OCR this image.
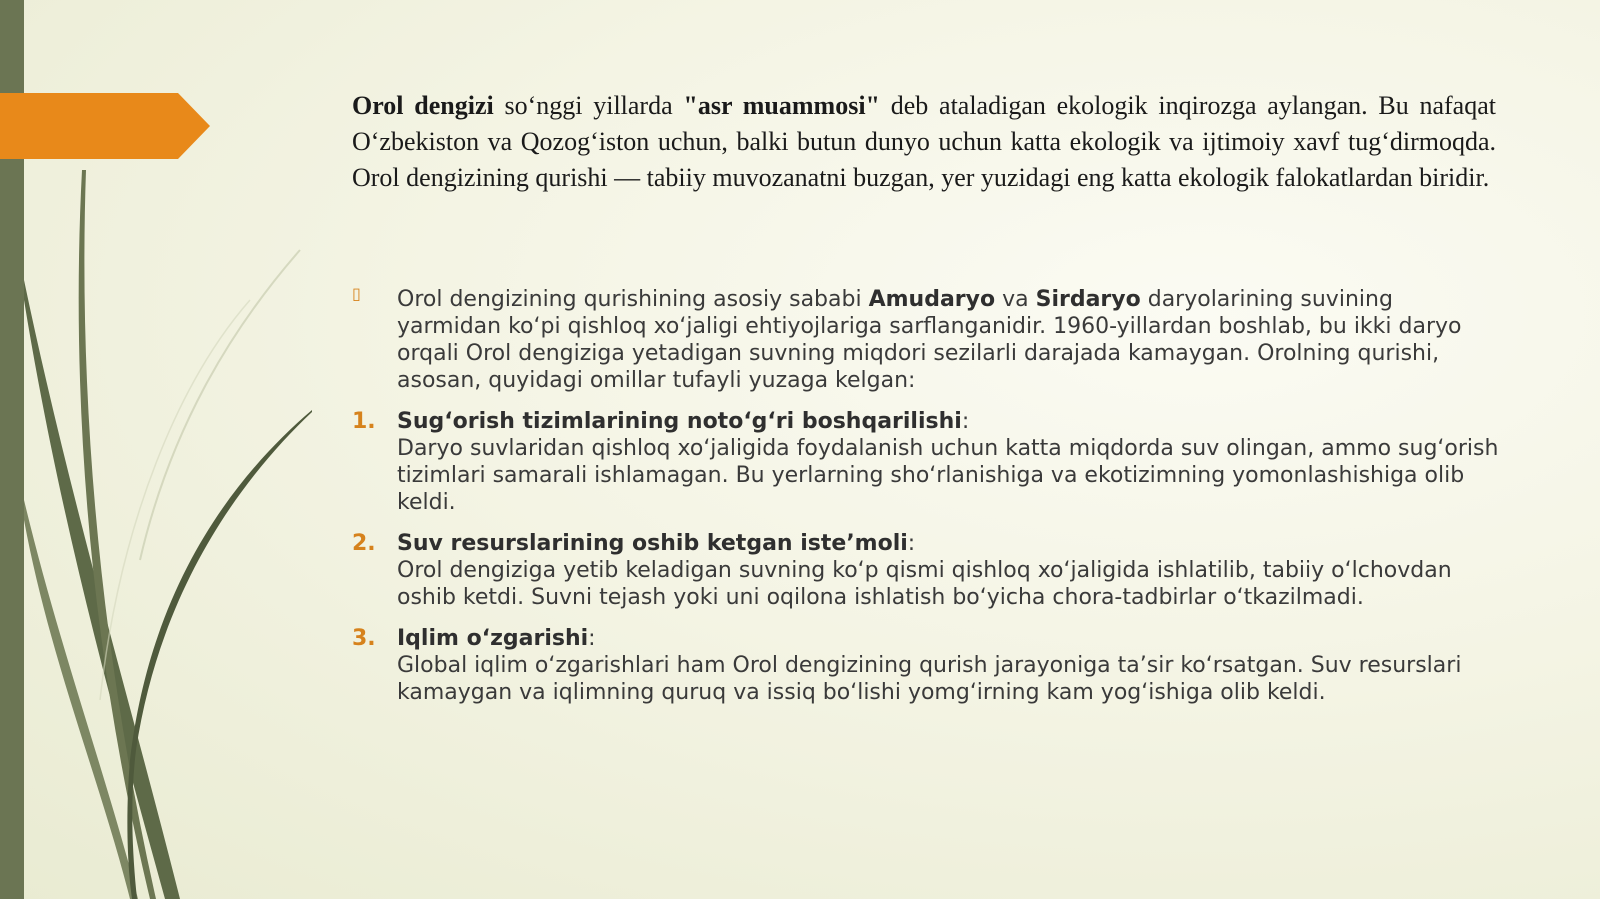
Orol dengizi so‘nggi yillarda "asr muammosi" deb ataladigan ekologik inqirozga aylangan. Bu nafaqat O‘zbekiston va Qozog‘iston uchun, balki butun dunyo uchun katta ekologik va ijtimoiy xavf tug‘dirmoqda. Orol dengizining qurishi — tabiiy muvozanatni buzgan, yer yuzidagi eng katta ekologik falokatlardan biridir.

▯ Orol dengizining qurishining asosiy sababi Amudaryo va Sirdaryo daryolarining suvining yarmidan ko‘pi qishloq xo‘jaligi ehtiyojlariga sarflanganidir. 1960-yillardan boshlab, bu ikki daryo orqali Orol dengiziga yetadigan suvning miqdori sezilarli darajada kamaygan. Orolning qurishi, asosan, quyidagi omillar tufayli yuzaga kelgan:
1. Sug‘orish tizimlarining noto‘g‘ri boshqarilishi:
Daryo suvlaridan qishloq xo‘jaligida foydalanish uchun katta miqdorda suv olingan, ammo sug‘orish tizimlari samarali ishlamagan. Bu yerlarning sho‘rlanishiga va ekotizimning yomonlashishiga olib keldi.
2. Suv resurslarining oshib ketgan iste’moli:
Orol dengiziga yetib keladigan suvning ko‘p qismi qishloq xo‘jaligida ishlatilib, tabiiy o‘lchovdan oshib ketdi. Suvni tejash yoki uni oqilona ishlatish bo‘yicha chora-tadbirlar o‘tkazilmadi.
3. Iqlim o‘zgarishi:
Global iqlim o‘zgarishlari ham Orol dengizining qurish jarayoniga ta’sir ko‘rsatgan. Suv resurslari kamaygan va iqlimning quruq va issiq bo‘lishi yomg‘irning kam yog‘ishiga olib keldi.
